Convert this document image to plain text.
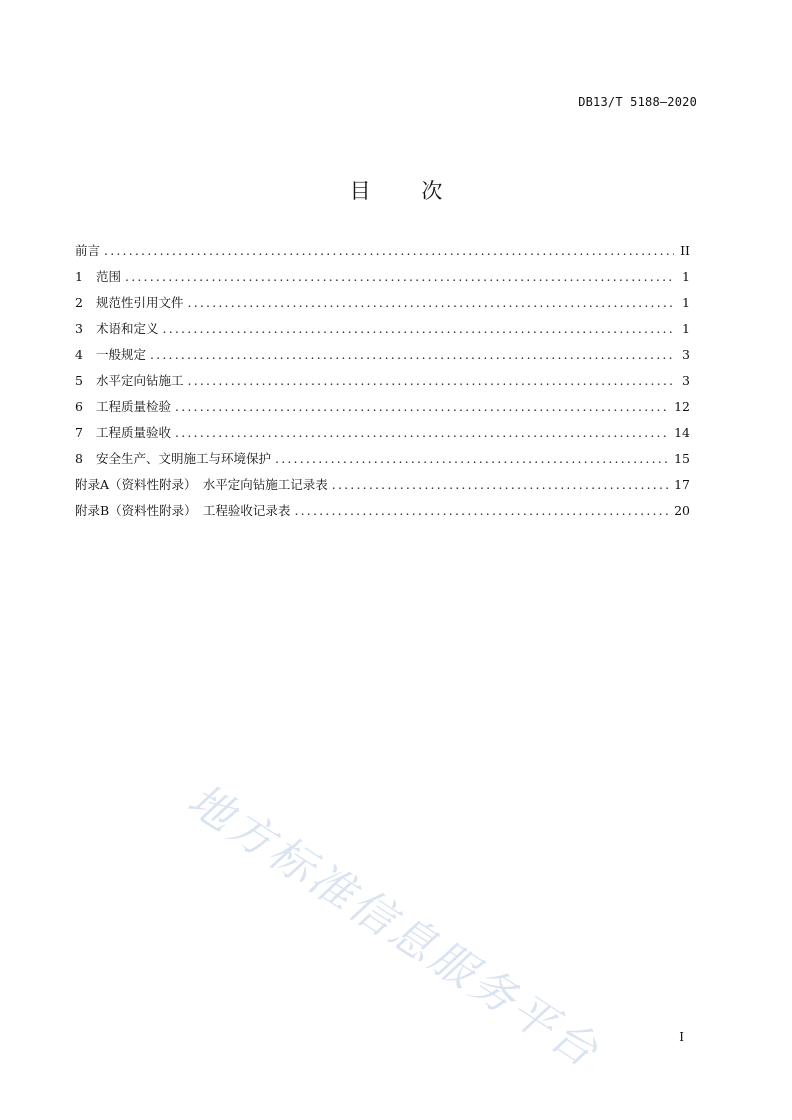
DB13/T 5188—2020
目 次
前言 .....	II
1	范围 .....	1
2	规范性引用文件 .....	1
3	术语和定义 .....	1
4	一般规定 .....	3
5	水平定向钻施工 .....	3
6	工程质量检验 .....	12
7	工程质量验收 .....	14
8	安全生产、文明施工与环境保护 .....	15
附录A（资料性附录）　水平定向钻施工记录表 .....	17
附录B（资料性附录）　工程验收记录表 .....	20
地方标准信息服务平台	I
